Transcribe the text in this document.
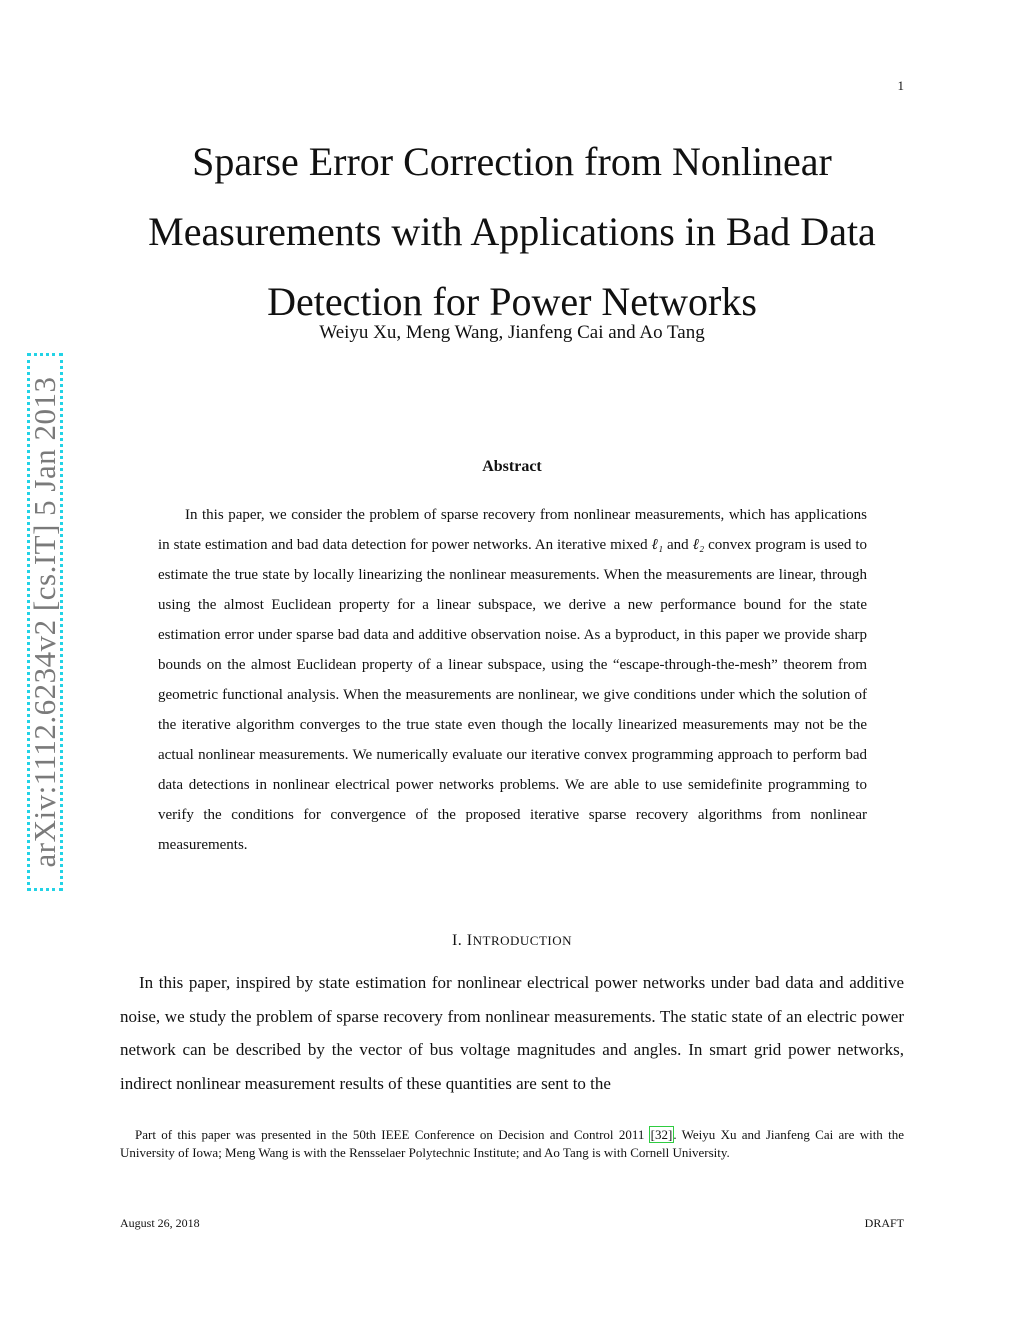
1
arXiv:1112.6234v2 [cs.IT] 5 Jan 2013
Sparse Error Correction from Nonlinear
Measurements with Applications in Bad Data
Detection for Power Networks
Weiyu Xu, Meng Wang, Jianfeng Cai and Ao Tang
Abstract
In this paper, we consider the problem of sparse recovery from nonlinear measurements, which has applications in state estimation and bad data detection for power networks. An iterative mixed ℓ₁ and ℓ₂ convex program is used to estimate the true state by locally linearizing the nonlinear measurements. When the measurements are linear, through using the almost Euclidean property for a linear subspace, we derive a new performance bound for the state estimation error under sparse bad data and additive observation noise. As a byproduct, in this paper we provide sharp bounds on the almost Euclidean property of a linear subspace, using the “escape-through-the-mesh” theorem from geometric functional analysis. When the measurements are nonlinear, we give conditions under which the solution of the iterative algorithm converges to the true state even though the locally linearized measurements may not be the actual nonlinear measurements. We numerically evaluate our iterative convex programming approach to perform bad data detections in nonlinear electrical power networks problems. We are able to use semidefinite programming to verify the conditions for convergence of the proposed iterative sparse recovery algorithms from nonlinear measurements.
I. INTRODUCTION
In this paper, inspired by state estimation for nonlinear electrical power networks under bad data and additive noise, we study the problem of sparse recovery from nonlinear measurements. The static state of an electric power network can be described by the vector of bus voltage magnitudes and angles. In smart grid power networks, indirect nonlinear measurement results of these quantities are sent to the
Part of this paper was presented in the 50th IEEE Conference on Decision and Control 2011 [32]. Weiyu Xu and Jianfeng Cai are with the University of Iowa; Meng Wang is with the Rensselaer Polytechnic Institute; and Ao Tang is with Cornell University.
August 26, 2018	DRAFT
